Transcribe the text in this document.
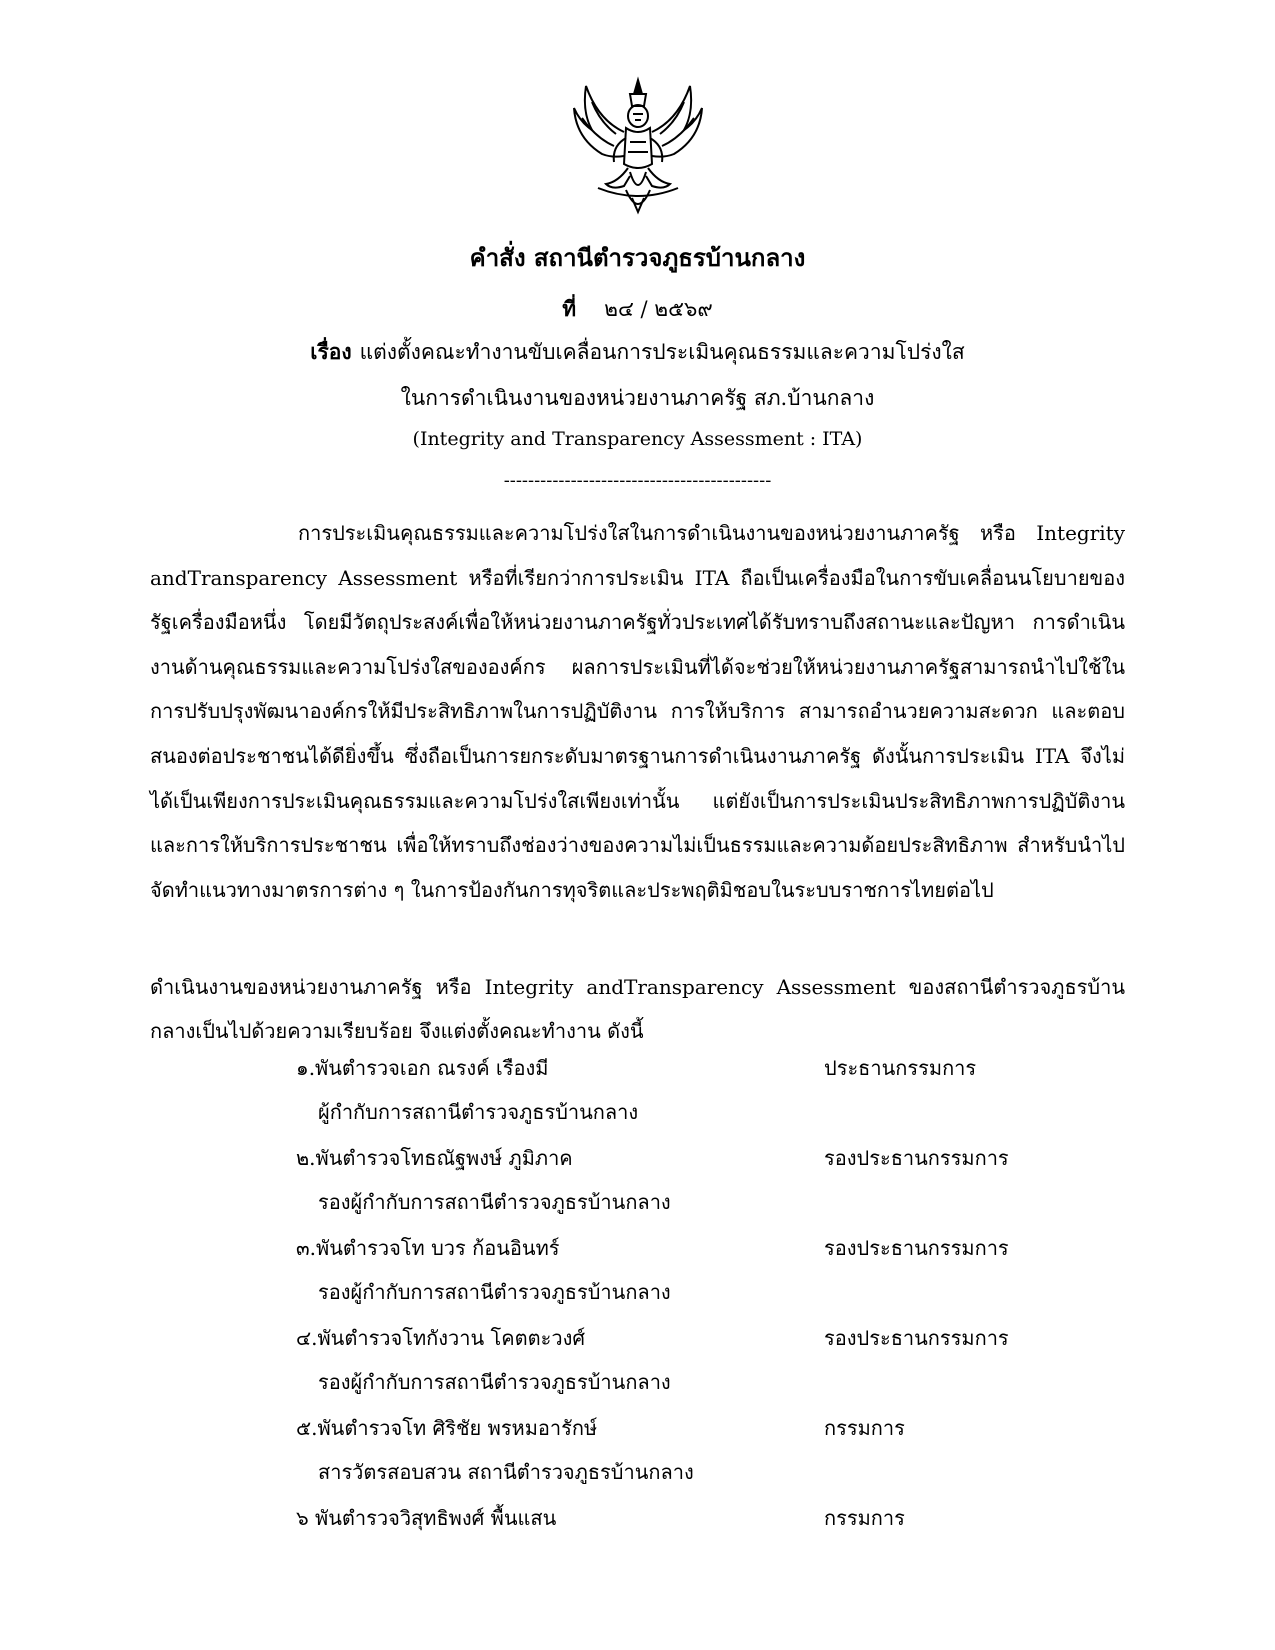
คำสั่ง สถานีตำรวจภูธรบ้านกลาง
ที่ ๒๔ / ๒๕๖๙
เรื่อง แต่งตั้งคณะทำงานขับเคลื่อนการประเมินคุณธรรมและความโปร่งใส
ในการดำเนินงานของหน่วยงานภาครัฐ สภ.บ้านกลาง
(Integrity and Transparency Assessment : ITA)
--------------------------------------------
การประเมินคุณธรรมและความโปร่งใสในการดำเนินงานของหน่วยงานภาครัฐ หรือ Integrity andTransparency Assessment หรือที่เรียกว่าการประเมิน ITA ถือเป็นเครื่องมือในการขับเคลื่อนนโยบายของรัฐเครื่องมือหนึ่ง โดยมีวัตถุประสงค์เพื่อให้หน่วยงานภาครัฐทั่วประเทศได้รับทราบถึงสถานะและปัญหา การดำเนินงานด้านคุณธรรมและความโปร่งใสขององค์กร ผลการประเมินที่ได้จะช่วยให้หน่วยงานภาครัฐสามารถนำไปใช้ในการปรับปรุงพัฒนาองค์กรให้มีประสิทธิภาพในการปฏิบัติงาน การให้บริการ สามารถอำนวยความสะดวก และตอบสนองต่อประชาชนได้ดียิ่งขึ้น ซึ่งถือเป็นการยกระดับมาตรฐานการดำเนินงานภาครัฐ ดังนั้นการประเมิน ITA จึงไม่ได้เป็นเพียงการประเมินคุณธรรมและความโปร่งใสเพียงเท่านั้น แต่ยังเป็นการประเมินประสิทธิภาพการปฏิบัติงาน และการให้บริการประชาชน เพื่อให้ทราบถึงช่องว่างของความไม่เป็นธรรมและความด้อยประสิทธิภาพ สำหรับนำไปจัดทำแนวทางมาตรการต่าง ๆ ในการป้องกันการทุจริตและประพฤติมิชอบในระบบราชการไทยต่อไป
ดำเนินงานของหน่วยงานภาครัฐ หรือ Integrity andTransparency Assessment ของสถานีตำรวจภูธรบ้านกลางเป็นไปด้วยความเรียบร้อย จึงแต่งตั้งคณะทำงาน ดังนี้
๑.พันตำรวจเอก ณรงค์ เรืองมี	ประธานกรรมการ
ผู้กำกับการสถานีตำรวจภูธรบ้านกลาง
๒.พันตำรวจโทธณัฐพงษ์ ภูมิภาค	รองประธานกรรมการ
รองผู้กำกับการสถานีตำรวจภูธรบ้านกลาง
๓.พันตำรวจโท บวร ก้อนอินทร์	รองประธานกรรมการ
รองผู้กำกับการสถานีตำรวจภูธรบ้านกลาง
๔.พันตำรวจโทกังวาน โคตตะวงศ์	รองประธานกรรมการ
รองผู้กำกับการสถานีตำรวจภูธรบ้านกลาง
๕.พันตำรวจโท ศิริชัย พรหมอารักษ์	กรรมการ
สารวัตรสอบสวน สถานีตำรวจภูธรบ้านกลาง
๖ พันตำรวจวิสุทธิพงศ์ พื้นแสน	กรรมการ
